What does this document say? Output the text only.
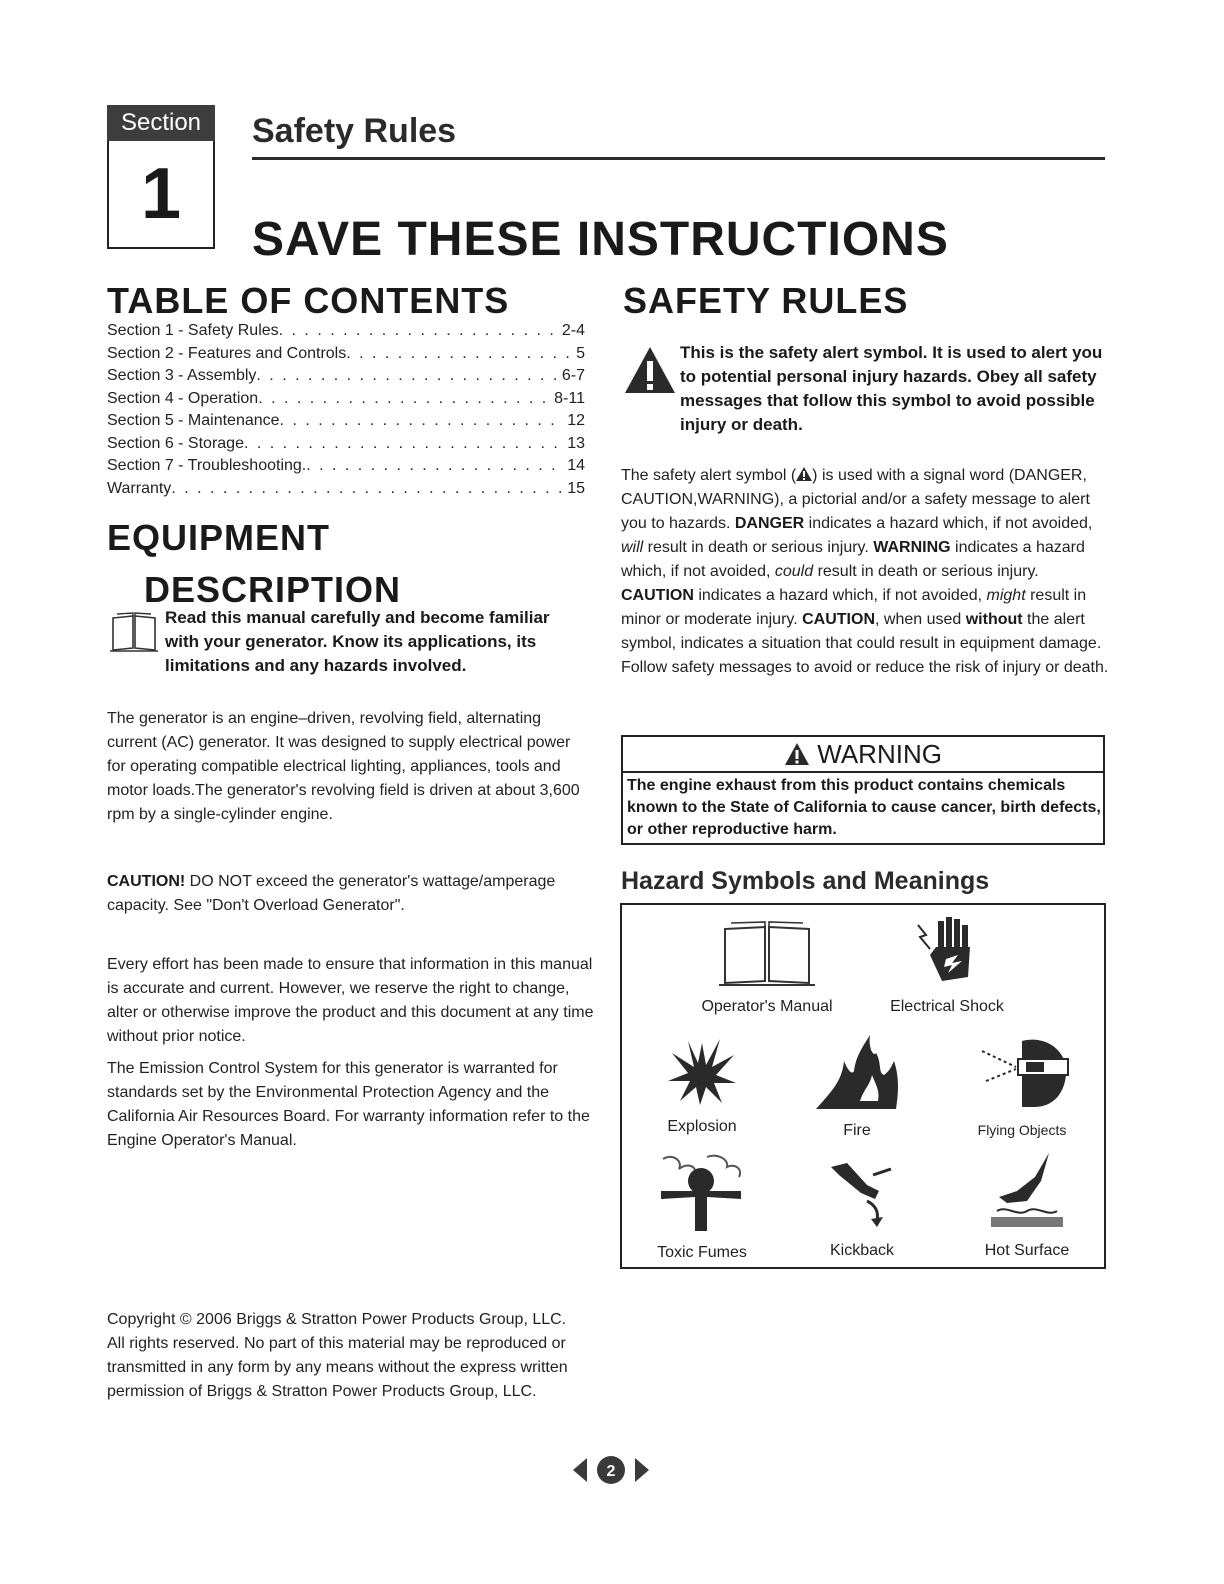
Section
1
Safety Rules
SAVE THESE INSTRUCTIONS
TABLE OF CONTENTS
Section 1 - Safety Rules . . .	2-4
Section 2 - Features and Controls . . .	5
Section 3 - Assembly . . .	6-7
Section 4 - Operation . . .	8-11
Section 5 - Maintenance . . .	12
Section 6 - Storage . . .	13
Section 7 - Troubleshooting. . . .	14
Warranty . . .	15
EQUIPMENT
DESCRIPTION
Read this manual carefully and become familiar with your generator. Know its applications, its limitations and any hazards involved.

The generator is an engine–driven, revolving field, alternating current (AC) generator. It was designed to supply electrical power for operating compatible electrical lighting, appliances, tools and motor loads.The generator's revolving field is driven at about 3,600 rpm by a single-cylinder engine.

CAUTION! DO NOT exceed the generator's wattage/amperage capacity. See "Don't Overload Generator".

Every effort has been made to ensure that information in this manual is accurate and current. However, we reserve the right to change, alter or otherwise improve the product and this document at any time without prior notice.

The Emission Control System for this generator is warranted for standards set by the Environmental Protection Agency and the California Air Resources Board. For warranty information refer to the Engine Operator's Manual.

Copyright © 2006 Briggs & Stratton Power Products Group, LLC. All rights reserved. No part of this material may be reproduced or transmitted in any form by any means without the express written permission of Briggs & Stratton Power Products Group, LLC.

SAFETY RULES
This is the safety alert symbol. It is used to alert you to potential personal injury hazards. Obey all safety messages that follow this symbol to avoid possible injury or death.

The safety alert symbol ( ) is used with a signal word (DANGER, CAUTION,WARNING), a pictorial and/or a safety message to alert you to hazards. DANGER indicates a hazard which, if not avoided, will result in death or serious injury. WARNING indicates a hazard which, if not avoided, could result in death or serious injury. CAUTION indicates a hazard which, if not avoided, might result in minor or moderate injury. CAUTION, when used without the alert symbol, indicates a situation that could result in equipment damage. Follow safety messages to avoid or reduce the risk of injury or death.

WARNING
The engine exhaust from this product contains chemicals known to the State of California to cause cancer, birth defects, or other reproductive harm.
Hazard Symbols and Meanings
Operator's Manual	Electrical Shock
Explosion	Fire	Flying Objects
Toxic Fumes	Kickback	Hot Surface
2
